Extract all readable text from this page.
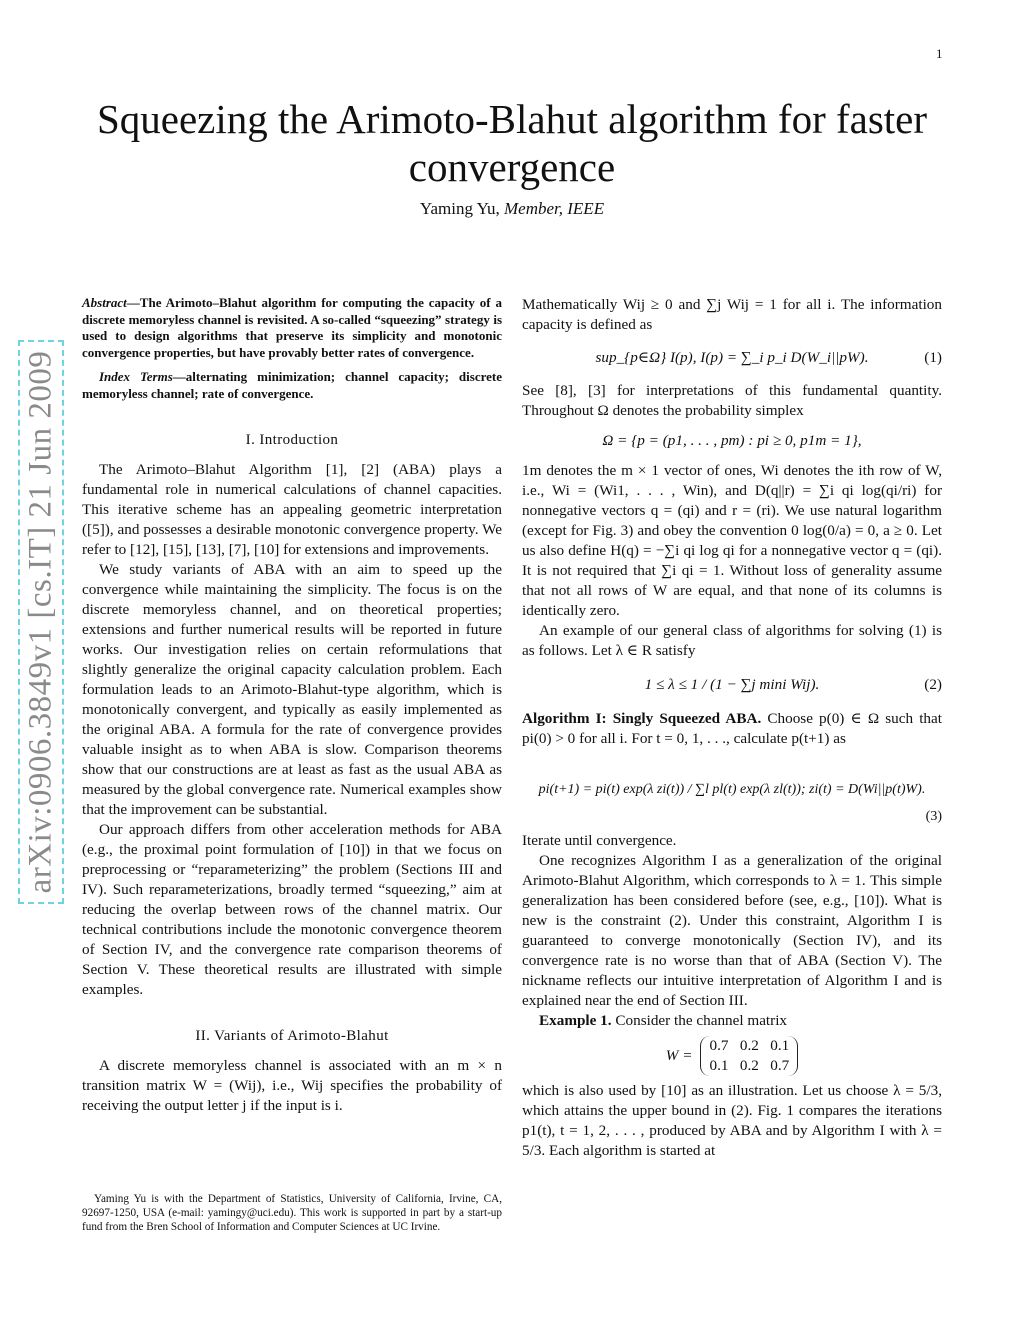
1
arXiv:0906.3849v1 [cs.IT] 21 Jun 2009
Squeezing the Arimoto-Blahut algorithm for faster convergence
Yaming Yu, Member, IEEE
Abstract—The Arimoto–Blahut algorithm for computing the capacity of a discrete memoryless channel is revisited. A so-called “squeezing” strategy is used to design algorithms that preserve its simplicity and monotonic convergence properties, but have provably better rates of convergence.
Index Terms—alternating minimization; channel capacity; discrete memoryless channel; rate of convergence.
I. Introduction

The Arimoto–Blahut Algorithm [1], [2] (ABA) plays a fundamental role in numerical calculations of channel capacities. This iterative scheme has an appealing geometric interpretation ([5]), and possesses a desirable monotonic convergence property. We refer to [12], [15], [13], [7], [10] for extensions and improvements.

We study variants of ABA with an aim to speed up the convergence while maintaining the simplicity. The focus is on the discrete memoryless channel, and on theoretical properties; extensions and further numerical results will be reported in future works. Our investigation relies on certain reformulations that slightly generalize the original capacity calculation problem. Each formulation leads to an Arimoto-Blahut-type algorithm, which is monotonically convergent, and typically as easily implemented as the original ABA. A formula for the rate of convergence provides valuable insight as to when ABA is slow. Comparison theorems show that our constructions are at least as fast as the usual ABA as measured by the global convergence rate. Numerical examples show that the improvement can be substantial.

Our approach differs from other acceleration methods for ABA (e.g., the proximal point formulation of [10]) in that we focus on preprocessing or “reparameterizing” the problem (Sections III and IV). Such reparameterizations, broadly termed “squeezing,” aim at reducing the overlap between rows of the channel matrix. Our technical contributions include the monotonic convergence theorem of Section IV, and the convergence rate comparison theorems of Section V. These theoretical results are illustrated with simple examples.

II. Variants of Arimoto-Blahut

A discrete memoryless channel is associated with an m × n transition matrix W = (Wij), i.e., Wij specifies the probability of receiving the output letter j if the input is i.

Yaming Yu is with the Department of Statistics, University of California, Irvine, CA, 92697-1250, USA (e-mail: yamingy@uci.edu). This work is supported in part by a start-up fund from the Bren School of Information and Computer Sciences at UC Irvine.

Mathematically Wij ≥ 0 and ∑j Wij = 1 for all i. The information capacity is defined as

sup_{p∈Ω} I(p), I(p) = ∑_i p_i D(W_i||pW).	(1)

See [8], [3] for interpretations of this fundamental quantity. Throughout Ω denotes the probability simplex

Ω = {p = (p1, . . . , pm) : pi ≥ 0, p1m = 1},

1m denotes the m × 1 vector of ones, Wi denotes the ith row of W, i.e., Wi = (Wi1, . . . , Win), and D(q||r) = ∑i qi log(qi/ri) for nonnegative vectors q = (qi) and r = (ri). We use natural logarithm (except for Fig. 3) and obey the convention 0 log(0/a) = 0, a ≥ 0. Let us also define H(q) = −∑i qi log qi for a nonnegative vector q = (qi). It is not required that ∑i qi = 1. Without loss of generality assume that not all rows of W are equal, and that none of its columns is identically zero.

An example of our general class of algorithms for solving (1) is as follows. Let λ ∈ R satisfy

1 ≤ λ ≤ 1 / (1 − ∑j mini Wij).	(2)

Algorithm I: Singly Squeezed ABA. Choose p(0) ∈ Ω such that pi(0) > 0 for all i. For t = 0, 1, . . ., calculate p(t+1) as

pi(t+1) = pi(t) exp(λ zi(t)) / ∑l pl(t) exp(λ zl(t)); zi(t) = D(Wi||p(t)W).
(3)

Iterate until convergence.

One recognizes Algorithm I as a generalization of the original Arimoto-Blahut Algorithm, which corresponds to λ = 1. This simple generalization has been considered before (see, e.g., [10]). What is new is the constraint (2). Under this constraint, Algorithm I is guaranteed to converge monotonically (Section IV), and its convergence rate is no worse than that of ABA (Section V). The nickname reflects our intuitive interpretation of Algorithm I and is explained near the end of Section III.

Example 1. Consider the channel matrix

W =
0.7   0.2   0.1
0.1   0.2   0.7

which is also used by [10] as an illustration. Let us choose λ = 5/3, which attains the upper bound in (2). Fig. 1 compares the iterations p1(t), t = 1, 2, . . . , produced by ABA and by Algorithm I with λ = 5/3. Each algorithm is started at
